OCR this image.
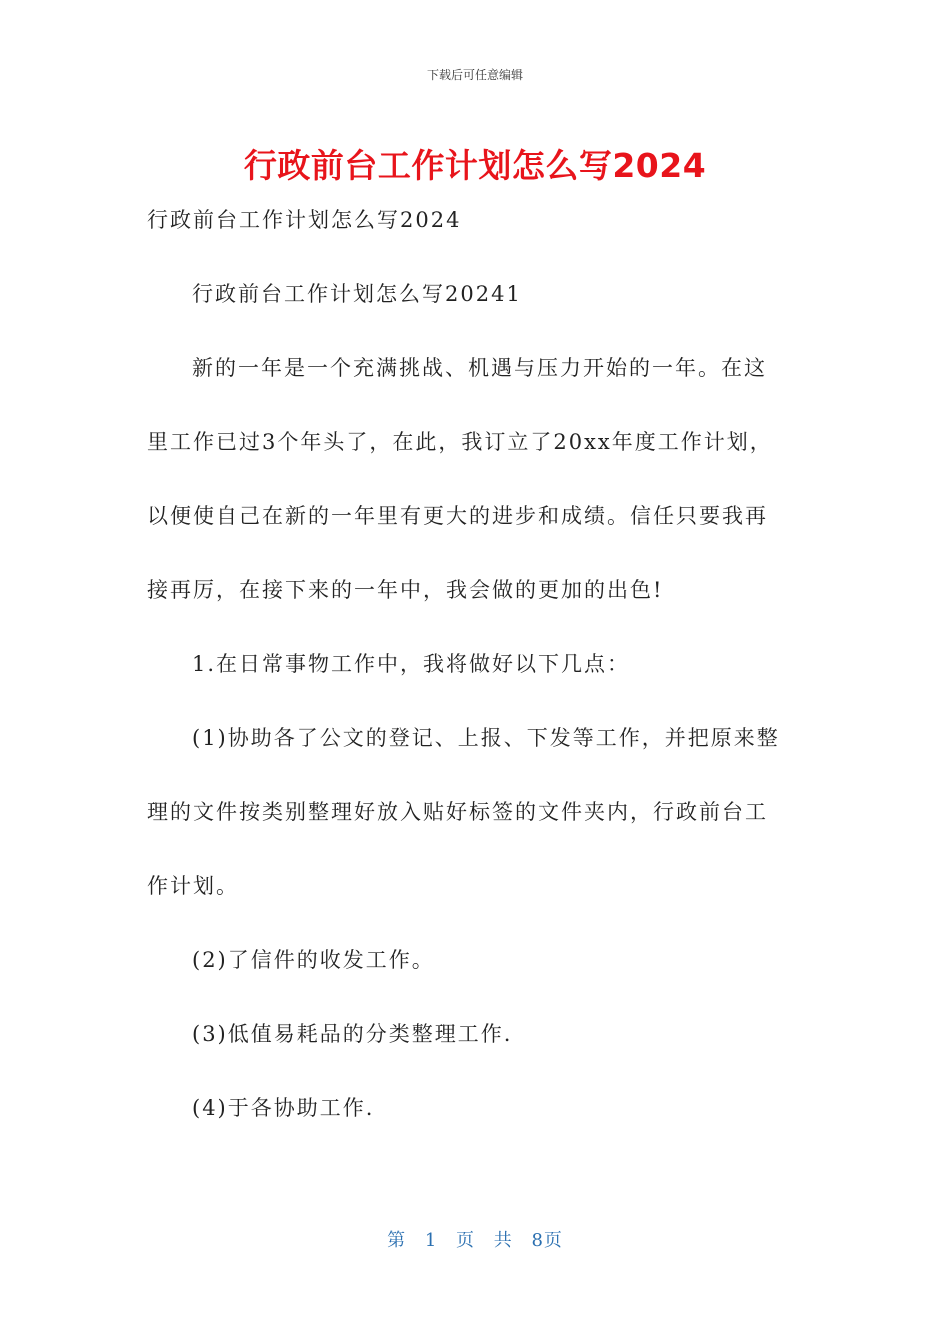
下载后可任意编辑
行政前台工作计划怎么写2024
行政前台工作计划怎么写2024
行政前台工作计划怎么写20241
新的一年是一个充满挑战、机遇与压力开始的一年。在这
里工作已过3个年头了，在此，我订立了20xx年度工作计划，
以便使自己在新的一年里有更大的进步和成绩。信任只要我再
接再厉，在接下来的一年中，我会做的更加的出色!
1.在日常事物工作中，我将做好以下几点：
(1)协助各了公文的登记、上报、下发等工作，并把原来整
理的文件按类别整理好放入贴好标签的文件夹内，行政前台工
作计划。
(2)了信件的收发工作。
(3)低值易耗品的分类整理工作.
(4)于各协助工作.
第 1 页 共 8页
